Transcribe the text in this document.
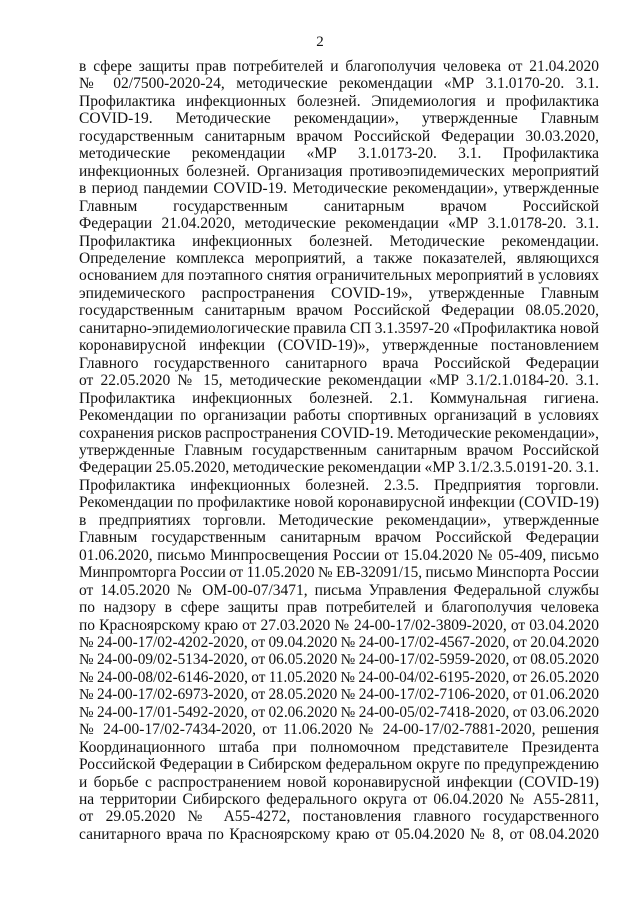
2
в сфере защиты прав потребителей и благополучия человека от 21.04.2020
№ 02/7500-2020-24, методические рекомендации «МР 3.1.0170-20. 3.1.
Профилактика инфекционных болезней. Эпидемиология и профилактика
COVID-19. Методические рекомендации», утвержденные Главным
государственным санитарным врачом Российской Федерации 30.03.2020,
методические рекомендации «МР 3.1.0173-20. 3.1. Профилактика
инфекционных болезней. Организация противоэпидемических мероприятий
в период пандемии COVID-19. Методические рекомендации», утвержденные
Главным государственным санитарным врачом Российской
Федерации 21.04.2020, методические рекомендации «МР 3.1.0178-20. 3.1.
Профилактика инфекционных болезней. Методические рекомендации.
Определение комплекса мероприятий, а также показателей, являющихся
основанием для поэтапного снятия ограничительных мероприятий в условиях
эпидемического распространения COVID-19», утвержденные Главным
государственным санитарным врачом Российской Федерации 08.05.2020,
санитарно-эпидемиологические правила СП 3.1.3597-20 «Профилактика новой
коронавирусной инфекции (COVID-19)», утвержденные постановлением
Главного государственного санитарного врача Российской Федерации
от 22.05.2020 № 15, методические рекомендации «МР 3.1/2.1.0184-20. 3.1.
Профилактика инфекционных болезней. 2.1. Коммунальная гигиена.
Рекомендации по организации работы спортивных организаций в условиях
сохранения рисков распространения COVID-19. Методические рекомендации»,
утвержденные Главным государственным санитарным врачом Российской
Федерации 25.05.2020, методические рекомендации «МР 3.1/2.3.5.0191-20. 3.1.
Профилактика инфекционных болезней. 2.3.5. Предприятия торговли.
Рекомендации по профилактике новой коронавирусной инфекции (COVID-19)
в предприятиях торговли. Методические рекомендации», утвержденные
Главным государственным санитарным врачом Российской Федерации
01.06.2020, письмо Минпросвещения России от 15.04.2020 № 05-409, письмо
Минпромторга России от 11.05.2020 № ЕВ-32091/15, письмо Минспорта России
от 14.05.2020 № ОМ-00-07/3471, письма Управления Федеральной службы
по надзору в сфере защиты прав потребителей и благополучия человека
по Красноярскому краю от 27.03.2020 № 24-00-17/02-3809-2020, от 03.04.2020
№ 24-00-17/02-4202-2020, от 09.04.2020 № 24-00-17/02-4567-2020, от 20.04.2020
№ 24-00-09/02-5134-2020, от 06.05.2020 № 24-00-17/02-5959-2020, от 08.05.2020
№ 24-00-08/02-6146-2020, от 11.05.2020 № 24-00-04/02-6195-2020, от 26.05.2020
№ 24-00-17/02-6973-2020, от 28.05.2020 № 24-00-17/02-7106-2020, от 01.06.2020
№ 24-00-17/01-5492-2020, от 02.06.2020 № 24-00-05/02-7418-2020, от 03.06.2020
№ 24-00-17/02-7434-2020, от 11.06.2020 № 24-00-17/02-7881-2020, решения
Координационного штаба при полномочном представителе Президента
Российской Федерации в Сибирском федеральном округе по предупреждению
и борьбе с распространением новой коронавирусной инфекции (COVID-19)
на территории Сибирского федерального округа от 06.04.2020 № А55-2811,
от 29.05.2020 № А55-4272, постановления главного государственного
санитарного врача по Красноярскому краю от 05.04.2020 № 8, от 08.04.2020
